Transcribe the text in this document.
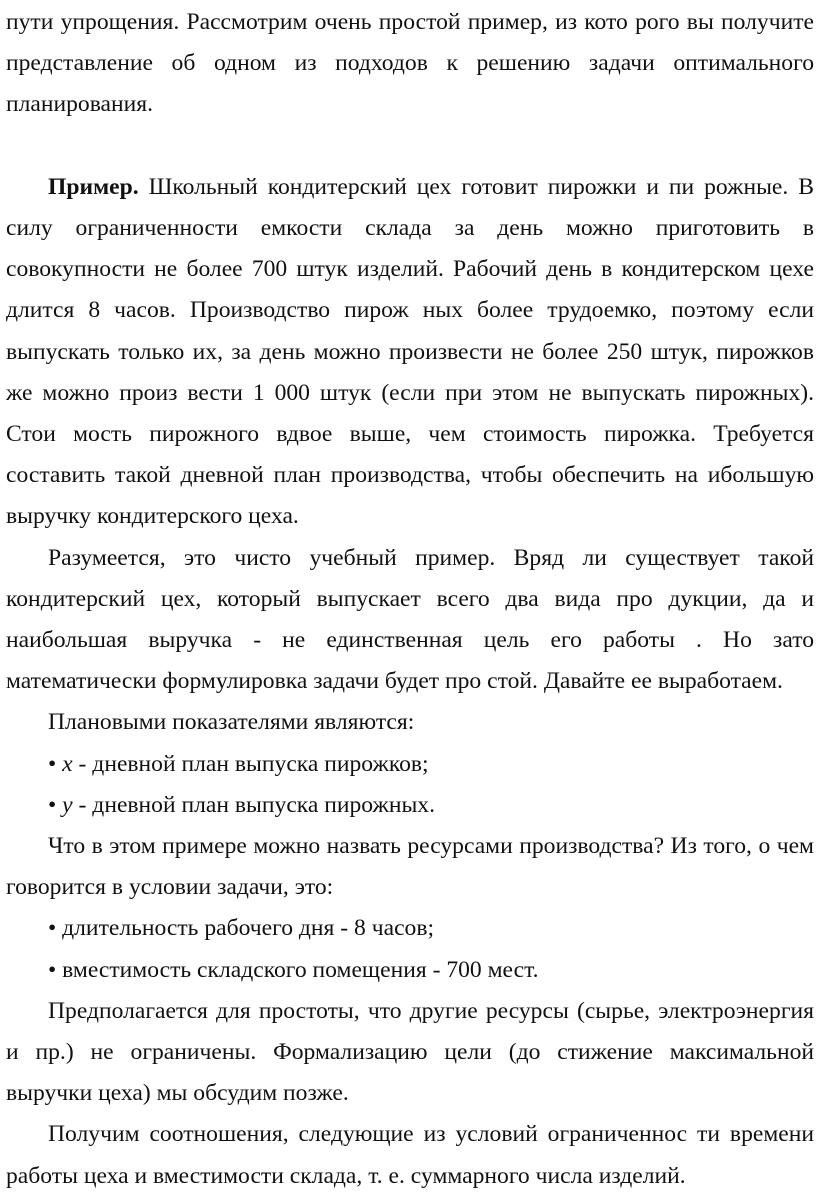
пути упрощения. Рассмотрим очень простой пример, из кото рого вы получите представление об одном из подходов к решению задачи оптимального планирования.

Пример. Школьный кондитерский цех готовит пирожки и пи рожные. В силу ограниченности емкости склада за день можно приготовить в совокупности не более 700 штук изделий. Рабочий день в кондитерском цехе длится 8 часов. Производство пирож ных более трудоемко, поэтому если выпускать только их, за день можно произвести не более 250 штук, пирожков же можно произ вести 1 000 штук (если при этом не выпускать пирожных). Стои мость пирожного вдвое выше, чем стоимость пирожка. Требуется составить такой дневной план производства, чтобы обеспечить на ибольшую выручку кондитерского цеха.

Разумеется, это чисто учебный пример. Вряд ли существует такой кондитерский цех, который выпускает всего два вида про дукции, да и наибольшая выручка - не единственная цель его работы . Но зато математически формулировка задачи будет про стой. Давайте ее выработаем.

Плановыми показателями являются:

• x - дневной план выпуска пирожков;

• y - дневной план выпуска пирожных.

Что в этом примере можно назвать ресурсами производства? Из того, о чем говорится в условии задачи, это:

• длительность рабочего дня - 8 часов;

• вместимость складского помещения - 700 мест.

Предполагается для простоты, что другие ресурсы (сырье, электроэнергия и пр.) не ограничены. Формализацию цели (до стижение максимальной выручки цеха) мы обсудим позже.

Получим соотношения, следующие из условий ограниченнос ти времени работы цеха и вместимости склада, т. е. суммарного числа изделий.
